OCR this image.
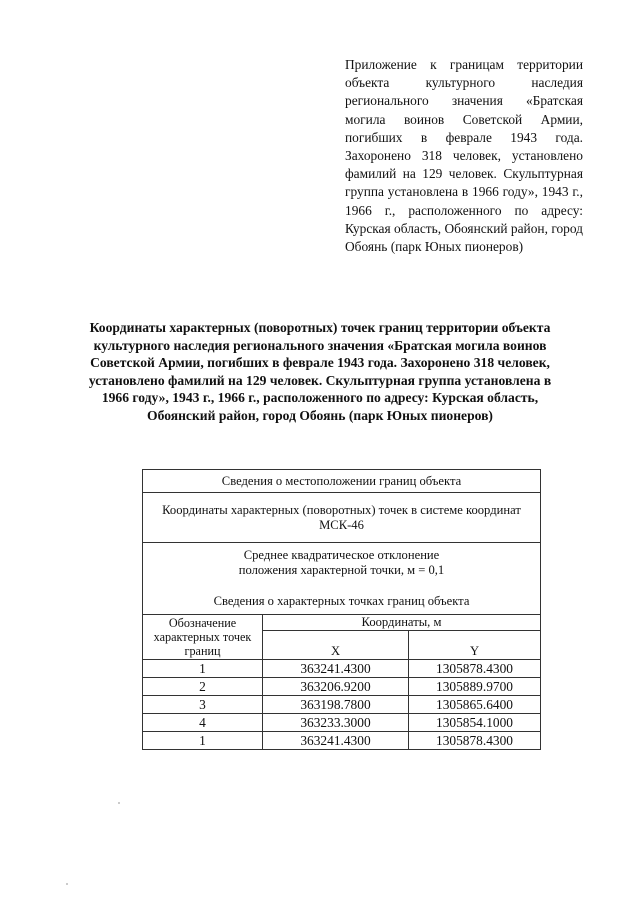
Приложение к границам территории объекта культурного наследия регионального значения «Братская могила воинов Советской Армии, погибших в феврале 1943 года. Захоронено 318 человек, установлено фамилий на 129 человек. Скульптурная группа установлена в 1966 году», 1943 г., 1966 г., расположенного по адресу: Курская область, Обоянский район, город Обоянь (парк Юных пионеров)
Координаты характерных (поворотных) точек границ территории объекта культурного наследия регионального значения «Братская могила воинов Советской Армии, погибших в феврале 1943 года. Захоронено 318 человек, установлено фамилий на 129 человек. Скульптурная группа установлена в 1966 году», 1943 г., 1966 г., расположенного по адресу: Курская область, Обоянский район, город Обоянь (парк Юных пионеров)
Сведения о местоположении границ объекта		
Координаты характерных (поворотных) точек в системе координат МСК-46		

Среднее квадратическое отклонение
положения характерной точки, м = 0,1
Сведения о характерных точках границ объекта		

Обозначение характерных точек границ	Координаты, м	
	X	Y
1	363241.4300	1305878.4300
2	363206.9200	1305889.9700
3	363198.7800	1305865.6400
4	363233.3000	1305854.1000
1	363241.4300	1305878.4300
